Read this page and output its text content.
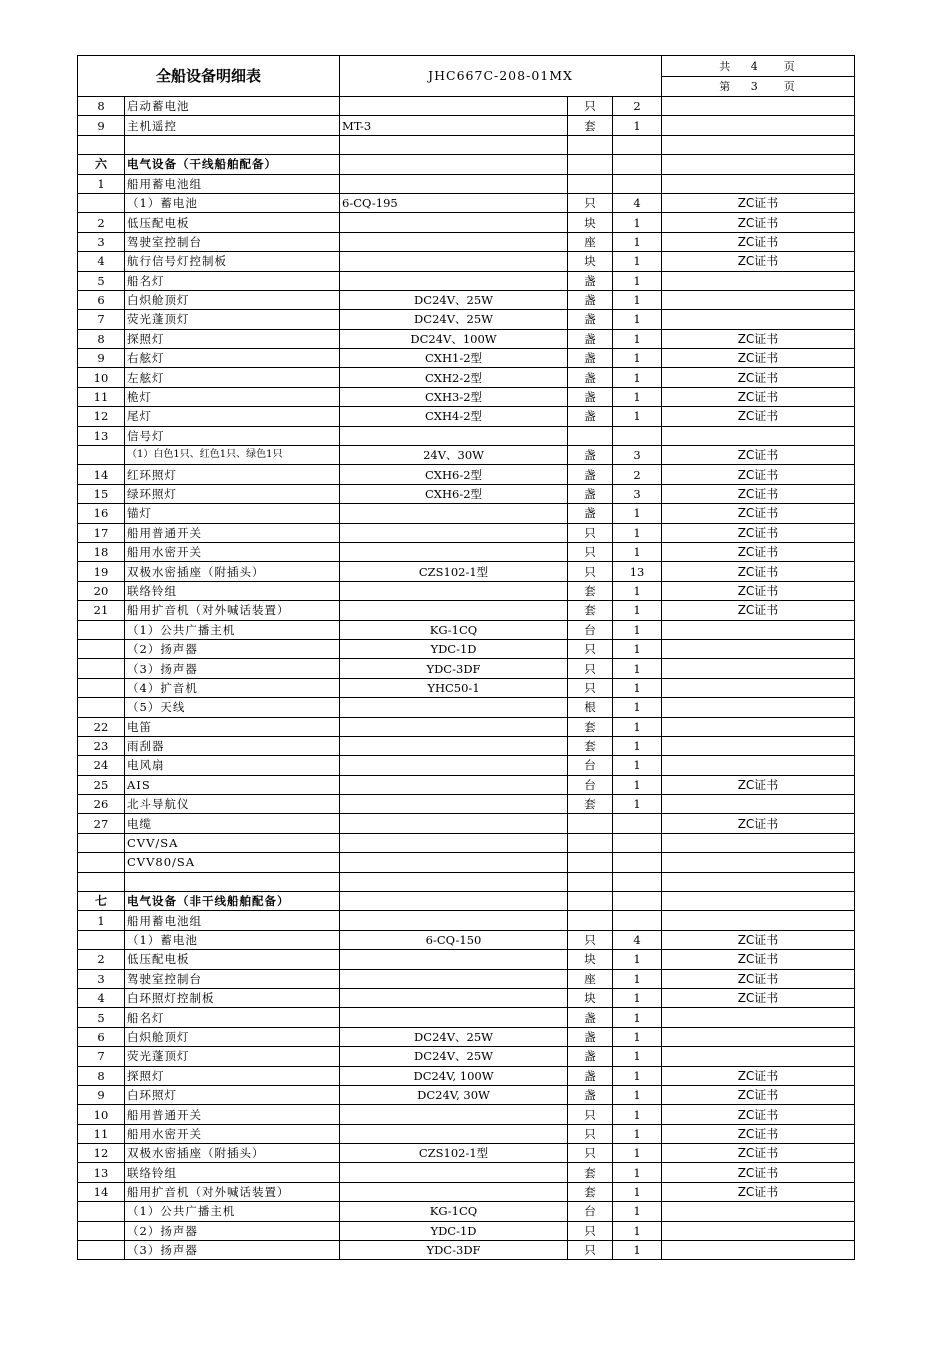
全船设备明细表		JHC667C-208-01MX			共　 4 　 页
第　 3 　 页

8	启动蓄电池		只	2	
9	主机遥控	MT-3	套	1	

六	电气设备（干线船舶配备）				
1	船用蓄电池组				
	（1）蓄电池	6-CQ-195	只	4	ZC证书
2	低压配电板		块	1	ZC证书
3	驾驶室控制台		座	1	ZC证书
4	航行信号灯控制板		块	1	ZC证书
5	船名灯		盏	1	
6	白炽舱顶灯	DC24V、25W	盏	1	
7	荧光蓬顶灯	DC24V、25W	盏	1	
8	探照灯	DC24V、100W	盏	1	ZC证书
9	右舷灯	CXH1-2型	盏	1	ZC证书
10	左舷灯	CXH2-2型	盏	1	ZC证书
11	桅灯	CXH3-2型	盏	1	ZC证书
12	尾灯	CXH4-2型	盏	1	ZC证书
13	信号灯				
	（1）白色1只、红色1只、绿色1只	24V、30W	盏	3	ZC证书
14	红环照灯	CXH6-2型	盏	2	ZC证书
15	绿环照灯	CXH6-2型	盏	3	ZC证书
16	锚灯		盏	1	ZC证书
17	船用普通开关		只	1	ZC证书
18	船用水密开关		只	1	ZC证书
19	双极水密插座（附插头）	CZS102-1型	只	13	ZC证书
20	联络铃组		套	1	ZC证书
21	船用扩音机（对外喊话装置）		套	1	ZC证书
	（1）公共广播主机	KG-1CQ	台	1	
	（2）扬声器	YDC-1D	只	1	
	（3）扬声器	YDC-3DF	只	1	
	（4）扩音机	YHC50-1	只	1	
	（5）天线		根	1	
22	电笛		套	1	
23	雨刮器		套	1	
24	电风扇		台	1	
25	AIS		台	1	ZC证书
26	北斗导航仪		套	1	
27	电缆				ZC证书
	CVV/SA				
	CVV80/SA				

七	电气设备（非干线船舶配备）				
1	船用蓄电池组				
	（1）蓄电池	6-CQ-150	只	4	ZC证书
2	低压配电板		块	1	ZC证书
3	驾驶室控制台		座	1	ZC证书
4	白环照灯控制板		块	1	ZC证书
5	船名灯		盏	1	
6	白炽舱顶灯	DC24V、25W	盏	1	
7	荧光蓬顶灯	DC24V、25W	盏	1	
8	探照灯	DC24V, 100W	盏	1	ZC证书
9	白环照灯	DC24V, 30W	盏	1	ZC证书
10	船用普通开关		只	1	ZC证书
11	船用水密开关		只	1	ZC证书
12	双极水密插座（附插头）	CZS102-1型	只	1	ZC证书
13	联络铃组		套	1	ZC证书
14	船用扩音机（对外喊话装置）		套	1	ZC证书
	（1）公共广播主机	KG-1CQ	台	1	
	（2）扬声器	YDC-1D	只	1	
	（3）扬声器	YDC-3DF	只	1	
